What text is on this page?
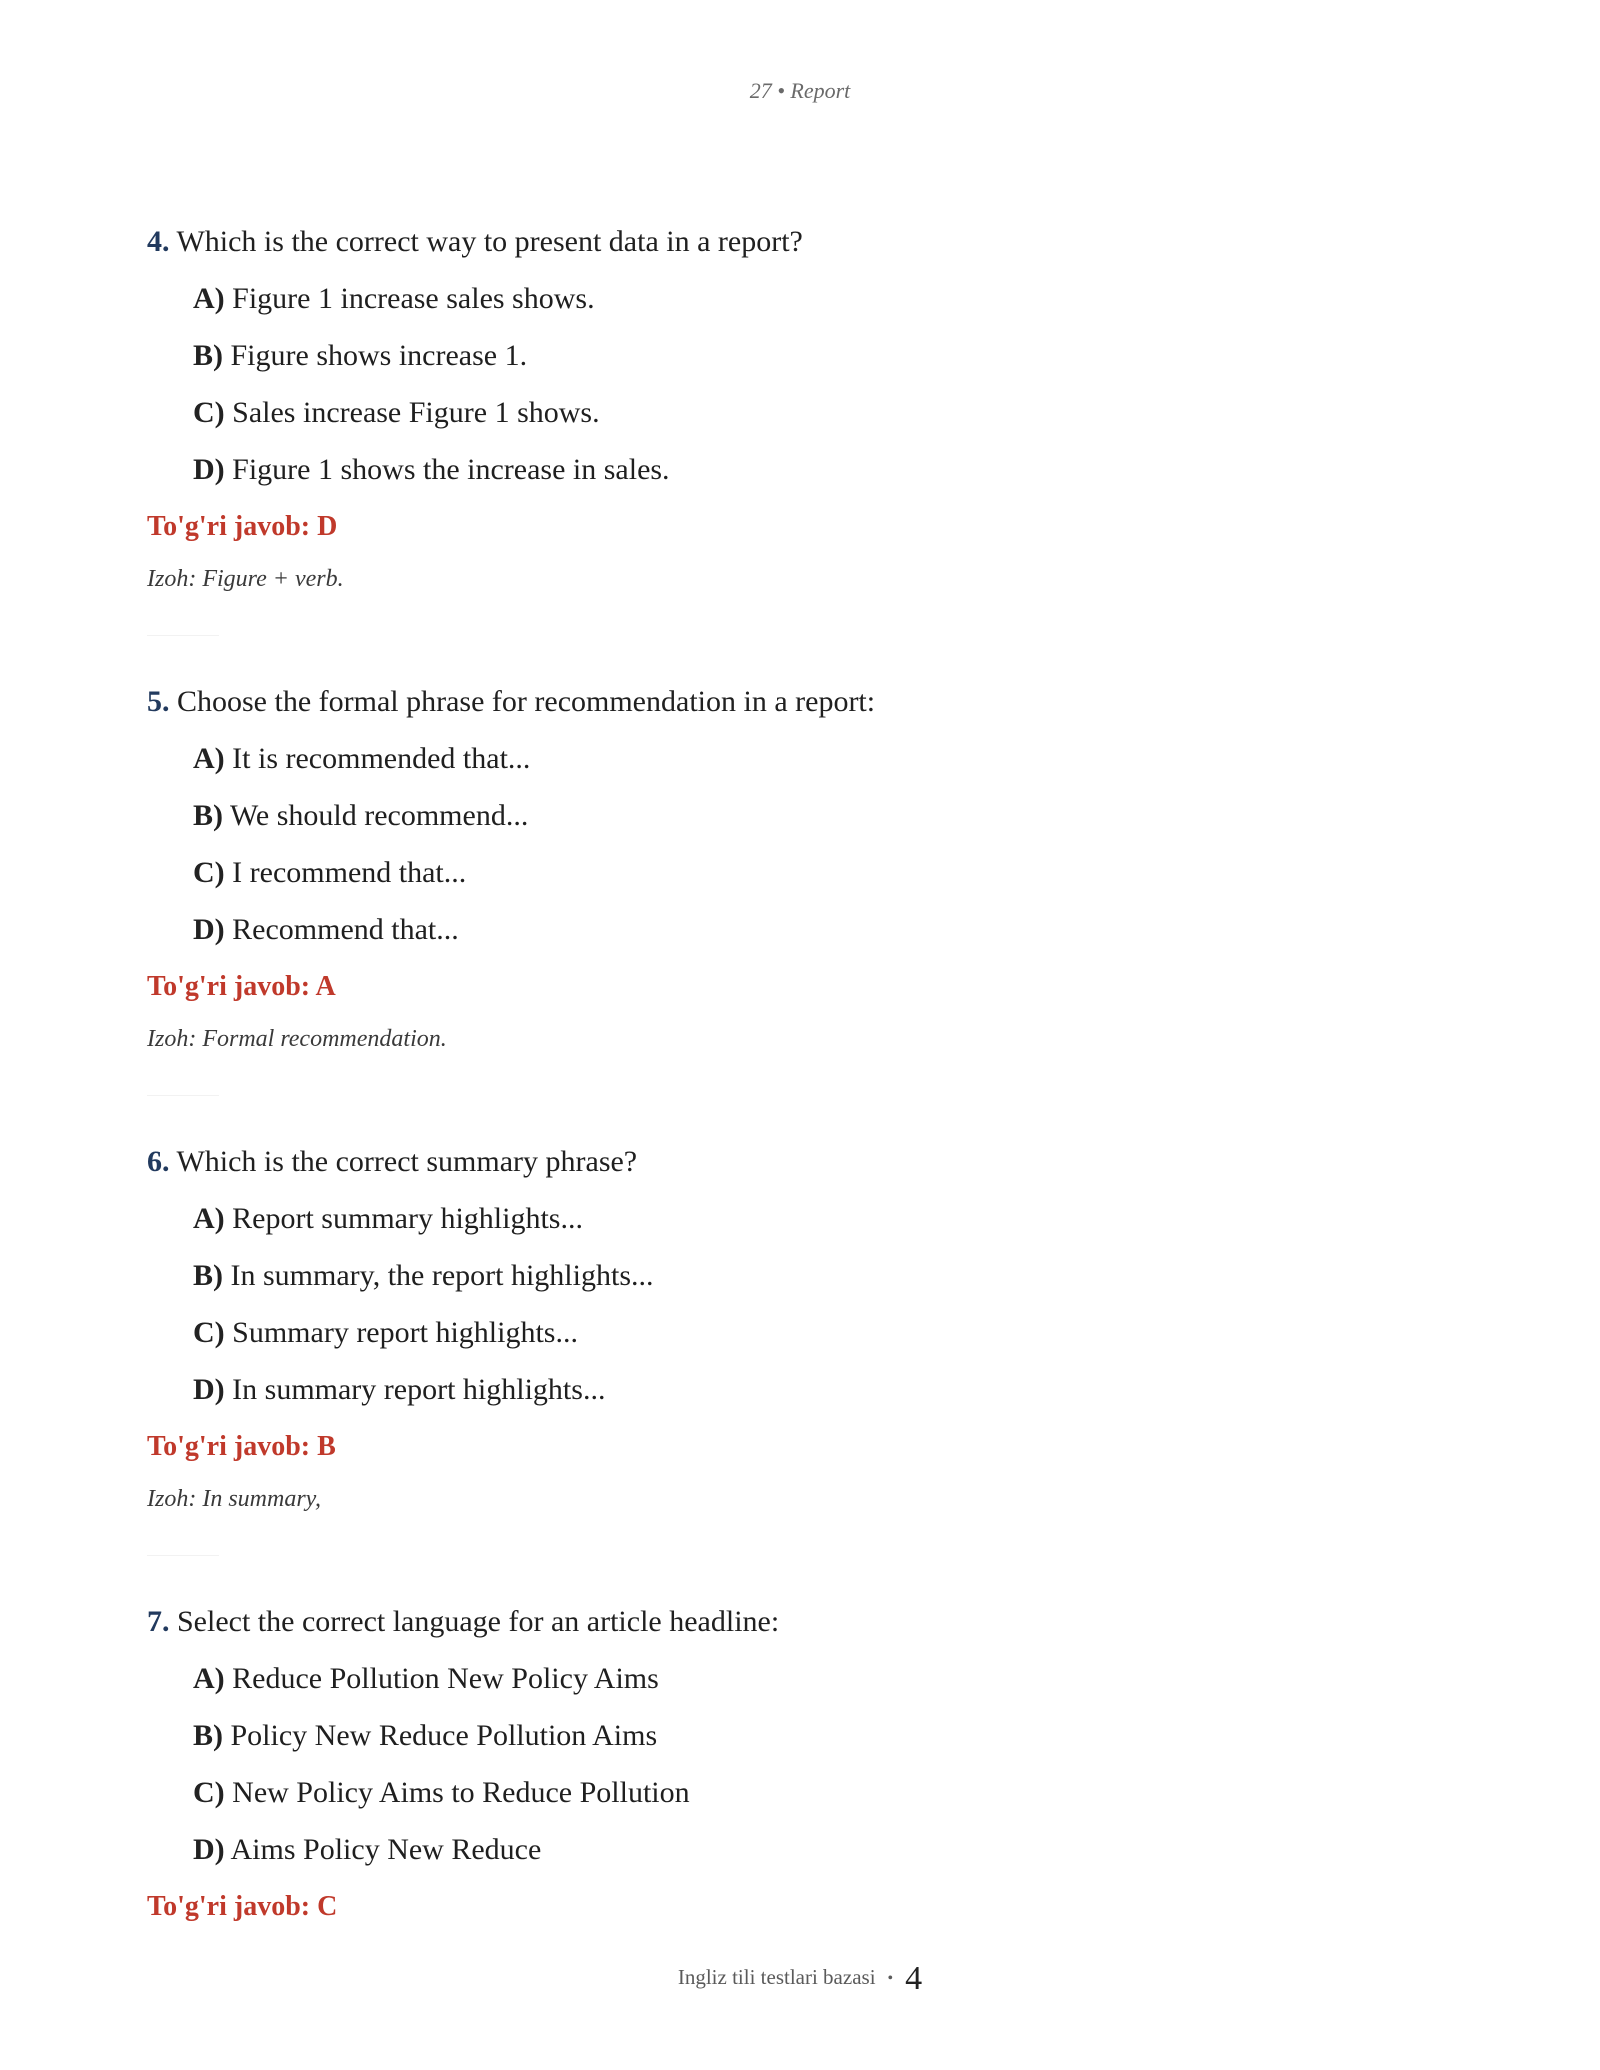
27 • Report

4. Which is the correct way to present data in a report?

A) Figure 1 increase sales shows.
B) Figure shows increase 1.
C) Sales increase Figure 1 shows.
D) Figure 1 shows the increase in sales.
To'g'ri javob: D
Izoh: Figure + verb.

5. Choose the formal phrase for recommendation in a report:

A) It is recommended that...
B) We should recommend...
C) I recommend that...
D) Recommend that...
To'g'ri javob: A
Izoh: Formal recommendation.

6. Which is the correct summary phrase?

A) Report summary highlights...
B) In summary, the report highlights...
C) Summary report highlights...
D) In summary report highlights...
To'g'ri javob: B
Izoh: In summary,

7. Select the correct language for an article headline:

A) Reduce Pollution New Policy Aims
B) Policy New Reduce Pollution Aims
C) New Policy Aims to Reduce Pollution
D) Aims Policy New Reduce
To'g'ri javob: C
Ingliz tili testlari bazasi • 4
